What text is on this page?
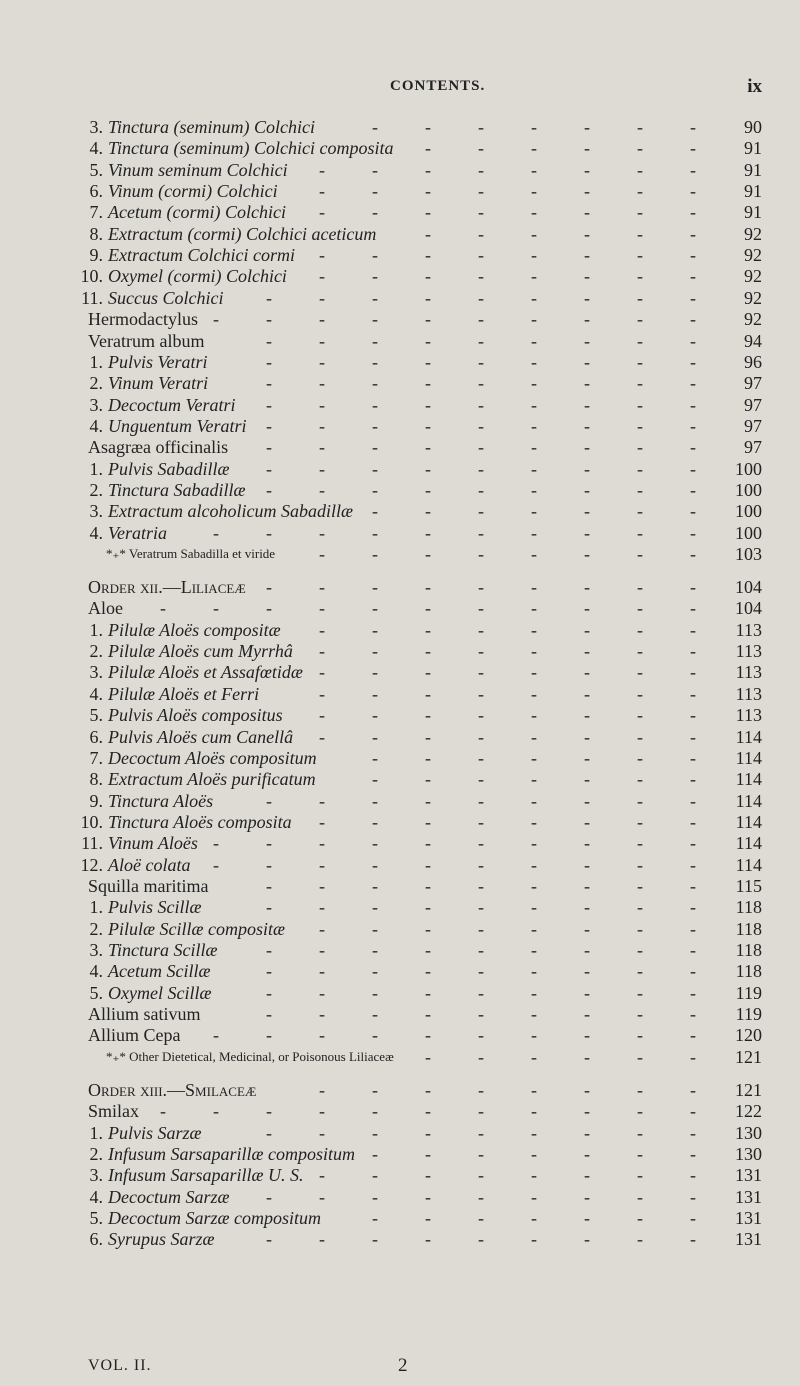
CONTENTS.	ix
3. Tinctura (seminum) Colchici	90
-	-	-	-	-	-	-
4. Tinctura (seminum) Colchici composita	91
-	-	-	-	-	-
5. Vinum seminum Colchici	91
-	-	-	-	-	-	-	-
6. Vinum (cormi) Colchici	91
-	-	-	-	-	-	-	-
7. Acetum (cormi) Colchici	91
-	-	-	-	-	-	-	-
8. Extractum (cormi) Colchici aceticum	92
-	-	-	-	-	-
9. Extractum Colchici cormi	92
-	-	-	-	-	-	-	-
10. Oxymel (cormi) Colchici	92
-	-	-	-	-	-	-	-
11. Succus Colchici	92
-	-	-	-	-	-	-	-	-
Hermodactylus	92
-	-	-	-	-	-	-	-	-	-
Veratrum album	94
-	-	-	-	-	-	-	-	-
1. Pulvis Veratri	96
-	-	-	-	-	-	-	-	-
2. Vinum Veratri	97
-	-	-	-	-	-	-	-	-
3. Decoctum Veratri	97
-	-	-	-	-	-	-	-	-
4. Unguentum Veratri	97
-	-	-	-	-	-	-	-	-
Asagræa officinalis	97
-	-	-	-	-	-	-	-	-
1. Pulvis Sabadillæ	100
-	-	-	-	-	-	-	-	-
2. Tinctura Sabadillæ	100
-	-	-	-	-	-	-	-	-
3. Extractum alcoholicum Sabadillæ	100
-	-	-	-	-	-	-
4. Veratria	100
-	-	-	-	-	-	-	-	-	-
*₊* Veratrum Sabadilla et viride	103
-	-	-	-	-	-	-	-
Order xii.—Liliaceæ	104
-	-	-	-	-	-	-	-	-
Aloe	104
-	-	-	-	-	-	-	-	-	-	-
1. Pilulæ Aloës compositæ	113
-	-	-	-	-	-	-	-
2. Pilulæ Aloës cum Myrrhâ	113
-	-	-	-	-	-	-	-
3. Pilulæ Aloës et Assafœtidæ	113
-	-	-	-	-	-	-	-
4. Pilulæ Aloës et Ferri	113
-	-	-	-	-	-	-	-
5. Pulvis Aloës compositus	113
-	-	-	-	-	-	-	-
6. Pulvis Aloës cum Canellâ	114
-	-	-	-	-	-	-	-
7. Decoctum Aloës compositum	114
-	-	-	-	-	-	-
8. Extractum Aloës purificatum	114
-	-	-	-	-	-	-
9. Tinctura Aloës	114
-	-	-	-	-	-	-	-	-
10. Tinctura Aloës composita	114
-	-	-	-	-	-	-	-
11. Vinum Aloës	114
-	-	-	-	-	-	-	-	-	-
12. Aloë colata	114
-	-	-	-	-	-	-	-	-	-
Squilla maritima	115
-	-	-	-	-	-	-	-	-
1. Pulvis Scillæ	118
-	-	-	-	-	-	-	-	-
2. Pilulæ Scillæ compositæ	118
-	-	-	-	-	-	-	-
3. Tinctura Scillæ	118
-	-	-	-	-	-	-	-	-
4. Acetum Scillæ	118
-	-	-	-	-	-	-	-	-
5. Oxymel Scillæ	119
-	-	-	-	-	-	-	-	-
Allium sativum	119
-	-	-	-	-	-	-	-	-
Allium Cepa	120
-	-	-	-	-	-	-	-	-	-
*₊* Other Dietetical, Medicinal, or Poisonous Liliaceæ	121
-	-	-	-	-	-
Order xiii.—Smilaceæ	121
-	-	-	-	-	-	-	-
Smilax	122
-	-	-	-	-	-	-	-	-	-	-
1. Pulvis Sarzæ	130
-	-	-	-	-	-	-	-	-
2. Infusum Sarsaparillæ compositum	130
-	-	-	-	-	-	-
3. Infusum Sarsaparillæ U. S.	131
-	-	-	-	-	-	-	-
4. Decoctum Sarzæ	131
-	-	-	-	-	-	-	-	-
5. Decoctum Sarzæ compositum	131
-	-	-	-	-	-	-
6. Syrupus Sarzæ	131
-	-	-	-	-	-	-	-	-
VOL. II.	2
